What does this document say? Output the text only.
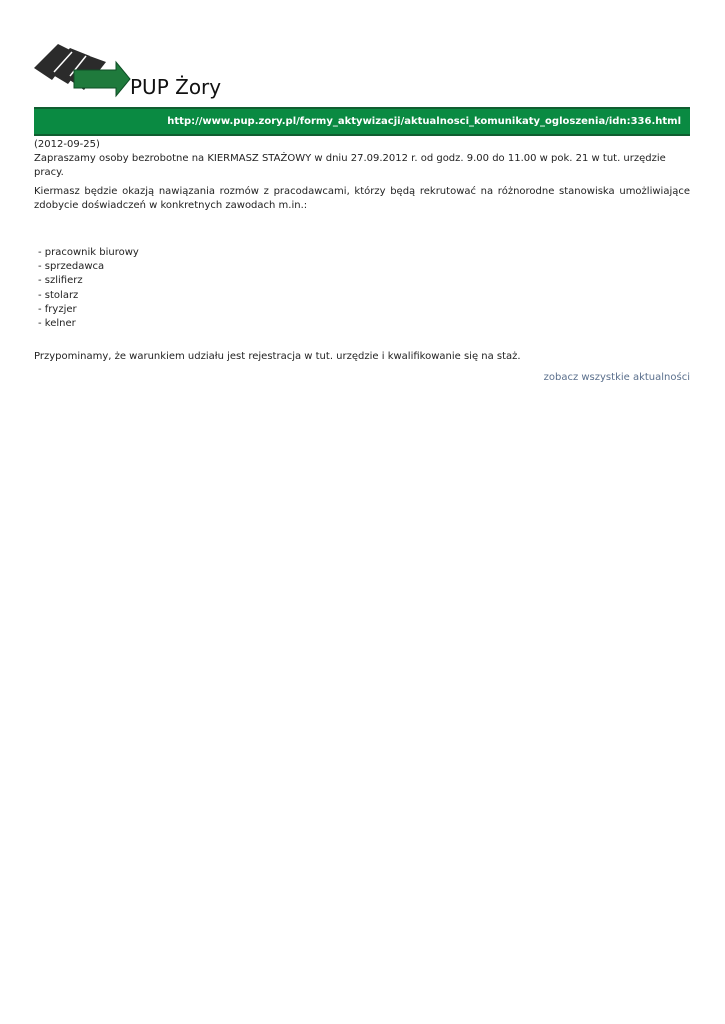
PUP Żory
http://www.pup.zory.pl/formy_aktywizacji/aktualnosci_komunikaty_ogloszenia/idn:336.html

(2012-09-25)

Zapraszamy osoby bezrobotne na KIERMASZ STAŻOWY w dniu 27.09.2012 r. od godz. 9.00 do 11.00 w pok. 21 w tut. urzędzie pracy.

Kiermasz będzie okazją nawiązania rozmów z pracodawcami, którzy będą rekrutować na różnorodne stanowiska umożliwiające zdobycie doświadczeń w konkretnych zawodach m.in.:

- pracownik biurowy
- sprzedawca
- szlifierz
- stolarz
- fryzjer
- kelner

Przypominamy, że warunkiem udziału jest rejestracja w tut. urzędzie i kwalifikowanie się na staż.

zobacz wszystkie aktualności
